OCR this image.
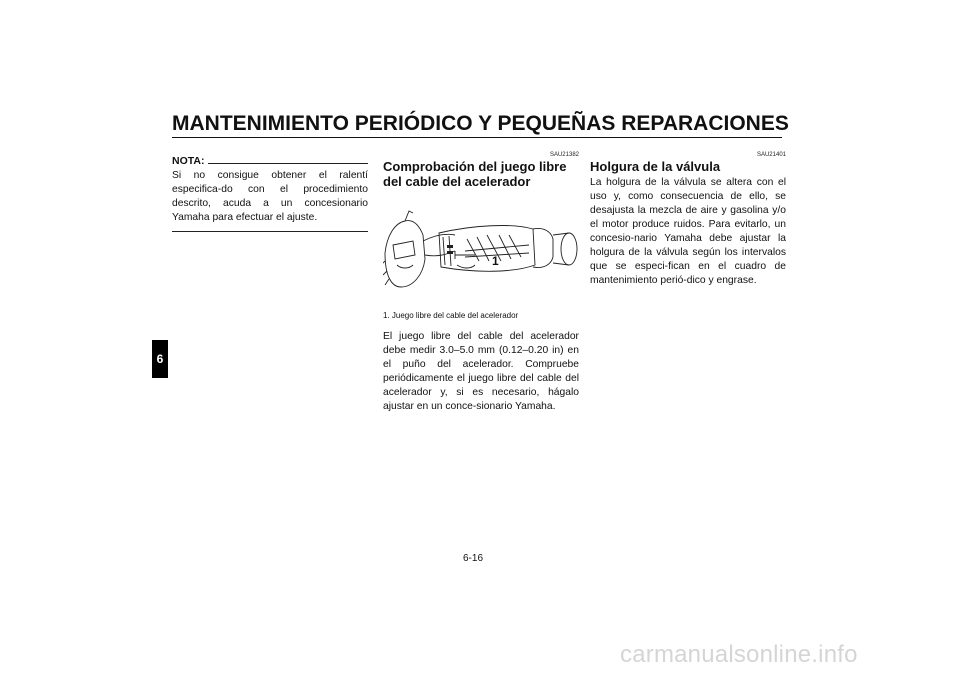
MANTENIMIENTO PERIÓDICO Y PEQUEÑAS REPARACIONES
6
NOTA:

Si no consigue obtener el ralentí especifica-do con el procedimiento descrito, acuda a un concesionario Yamaha para efectuar el ajuste.

SAU21382
Comprobación del juego libre del cable del acelerador
1
1. Juego libre del cable del acelerador

El juego libre del cable del acelerador debe medir 3.0–5.0 mm (0.12–0.20 in) en el puño del acelerador. Compruebe periódicamente el juego libre del cable del acelerador y, si es necesario, hágalo ajustar en un conce-sionario Yamaha.

SAU21401
Holgura de la válvula

La holgura de la válvula se altera con el uso y, como consecuencia de ello, se desajusta la mezcla de aire y gasolina y/o el motor produce ruidos. Para evitarlo, un concesio-nario Yamaha debe ajustar la holgura de la válvula según los intervalos que se especi-fican en el cuadro de mantenimiento perió-dico y engrase.

6-16
carmanualsonline.info
